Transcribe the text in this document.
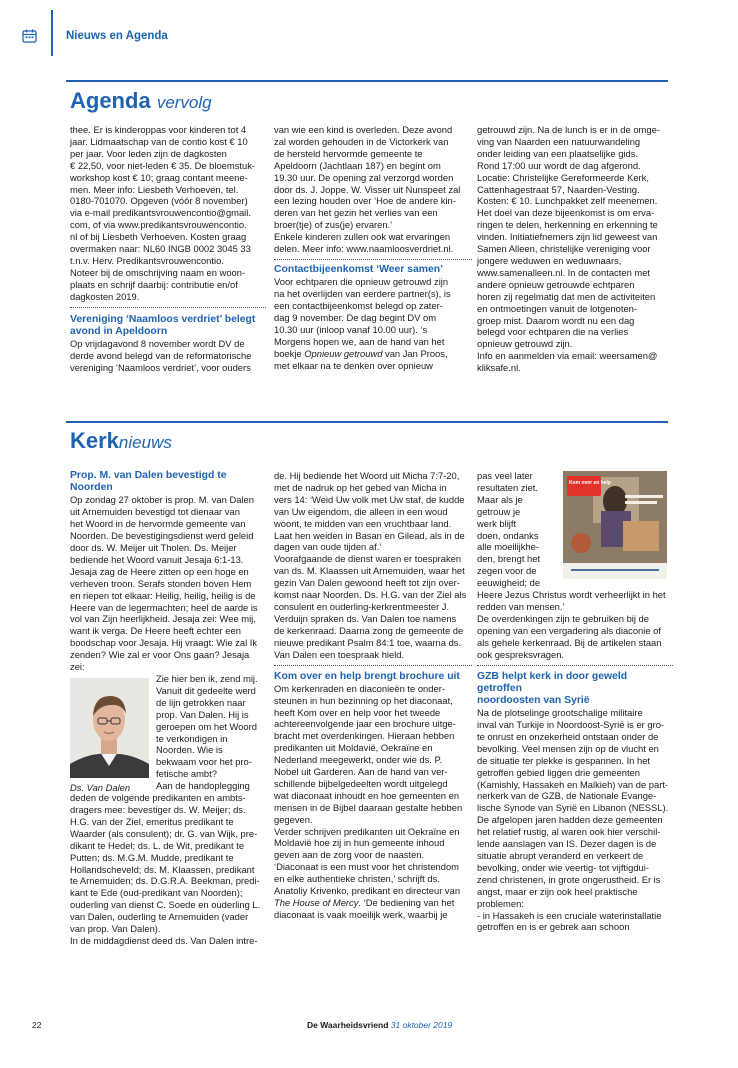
Nieuws en Agenda
Agenda vervolg
thee. Er is kinderoppas voor kinderen tot 4
jaar. Lidmaatschap van de contio kost € 10
per jaar. Voor leden zijn de dagkosten
€ 22,50, voor niet-leden € 35. De bloemstuk-
workshop kost € 10; graag contant meene-
men. Meer info: Liesbeth Verhoeven, tel.
0180-701070. Opgeven (vóór 8 november)
via e-mail predikantsvrouwencontio@gmail.
com, of via www.predikantsvrouwencontio.
nl of bij Liesbeth Verhoeven. Kosten graag
overmaken naar: NL60 INGB 0002 3045 33
t.n.v. Herv. Predikantsvrouwencontio.
Noteer bij de omschrijving naam en woon-
plaats en schrijf daarbij: contributie en/of
dagkosten 2019.
Vereniging ‘Naamloos verdriet’ belegt
avond in Apeldoorn
Op vrijdagavond 8 november wordt DV de
derde avond belegd van de reformatorische
vereniging ‘Naamloos verdriet’, voor ouders
van wie een kind is overleden. Deze avond
zal worden gehouden in de Victorkerk van
de hersteld hervormde gemeente te
Apeldoorn (Jachtlaan 187) en begint om
19.30 uur. De opening zal verzorgd worden
door ds. J. Joppe. W. Visser uit Nunspeet zal
een lezing houden over ‘Hoe de andere kin-
deren van het gezin het verlies van een
broer(tje) of zus(je) ervaren.’
Enkele kinderen zullen ook wat ervaringen
delen. Meer info: www.naamloosverdriet.nl.
Contactbijeenkomst ‘Weer samen’
Voor echtparen die opnieuw getrouwd zijn
na het overlijden van eerdere partner(s), is
een contactbijeenkomst belegd op zater-
dag 9 november. De dag begint DV om
10.30 uur (inloop vanaf 10.00 uur). ‘s
Morgens hopen we, aan de hand van het
boekje Opnieuw getrouwd van Jan Proos,
met elkaar na te denken over opnieuw
getrouwd zijn. Na de lunch is er in de omge-
ving van Naarden een natuurwandeling
onder leiding van een plaatselijke gids.
Rond 17:00 uur wordt de dag afgerond.
Locatie: Christelijke Gereformeerde Kerk,
Cattenhagestraat 57, Naarden-Vesting.
Kosten: € 10. Lunchpakket zelf meenemen.
Het doel van deze bijeenkomst is om erva-
ringen te delen, herkenning en erkenning te
vinden. Initiatiefnemers zijn lid geweest van
Samen Alleen, christelijke vereniging voor
jongere weduwen en weduwnaars,
www.samenalleen.nl. In de contacten met
andere opnieuw getrouwde echtparen
horen zij regelmatig dat men de activiteiten
en ontmoetingen vanuit de lotgenoten-
groep mist. Daarom wordt nu een dag
belegd voor echtparen die na verlies
opnieuw getrouwd zijn.
Info en aanmelden via email: weersamen@
kliksafe.nl.
Kerknieuws
Prop. M. van Dalen bevestigd te Noorden
Op zondag 27 oktober is prop. M. van Dalen
uit Arnemuiden bevestigd tot dienaar van
het Woord in de hervormde gemeente van
Noorden. De bevestigingsdienst werd geleid
door ds. W. Meijer uit Tholen. Ds. Meijer
bediende het Woord vanuit Jesaja 6:1-13.
Jesaja zag de Heere zitten op een hoge en
verheven troon. Serafs stonden boven Hem
en riepen tot elkaar: Heilig, heilig, heilig is de
Heere van de legermachten; heel de aarde is
vol van Zijn heerlijkheid. Jesaja zei: Wee mij,
want ik verga. De Heere heeft echter een
boodschap voor Jesaja. Hij vraagt: Wie zal Ik
zenden? Wie zal er voor Ons gaan? Jesaja zei:
Zie hier ben ik, zend mij.
Vanuit dit gedeelte werd
de lijn getrokken naar
prop. Van Dalen. Hij is
geroepen om het Woord
te verkondigen in
Noorden. Wie is
bekwaam voor het pro-
fetische ambt?
Aan de handoplegging
deden de volgende predikanten en ambts-
dragers mee: bevestiger ds. W. Meijer; ds.
H.G. van der Ziel, emeritus predikant te
Waarder (als consulent); dr. G. van Wijk, pre-
dikant te Hedel; ds. L. de Wit, predikant te
Putten; ds. M.G.M. Mudde, predikant te
Hollandscheveld; ds. M. Klaassen, predikant
te Arnemuiden; ds. D.G.R.A. Beekman, predi-
kant te Ede (oud-predikant van Noorden);
ouderling van dienst C. Soede en ouderling L.
van Dalen, ouderling te Arnemuiden (vader
van prop. Van Dalen).
In de middagdienst deed ds. Van Dalen intre-
Ds. Van Dalen
de. Hij bediende het Woord uit Micha 7:7-20,
met de nadruk op het gebed van Micha in
vers 14: ‘Weid Uw volk met Uw staf, de kudde
van Uw eigendom, die alleen in een woud
woont, te midden van een vruchtbaar land.
Laat hen weiden in Basan en Gilead, als in de
dagen van oude tijden af.’
Voorafgaande de dienst waren er toespraken
van ds. M. Klaassen uit Arnemuiden, waar het
gezin Van Dalen gewoond heeft tot zijn over-
komst naar Noorden. Ds. H.G. van der Ziel als
consulent en ouderling-kerkrentmeester J.
Verduijn spraken ds. Van Dalen toe namens
de kerkenraad. Daarna zong de gemeente de
nieuwe predikant Psalm 84:1 toe, waarna ds.
Van Dalen een toespraak hield.
Kom over en help brengt brochure uit
Om kerkenraden en diaconieën te onder-
steunen in hun bezinning op het diaconaat,
heeft Kom over en help voor het tweede
achtereenvolgende jaar een brochure uitge-
bracht met overdenkingen. Hieraan hebben
predikanten uit Moldavië, Oekraïne en
Nederland meegewerkt, onder wie ds. P.
Nobel uit Garderen. Aan de hand van ver-
schillende bijbelgedeelten wordt uitgelegd
wat diaconaat inhoudt en hoe gemeenten en
mensen in de Bijbel daaraan gestalte hebben
gegeven.
Verder schrijven predikanten uit Oekraïne en
Moldavië hoe zij in hun gemeente inhoud
geven aan de zorg voor de naasten.
‘Diaconaat is een must voor het christendom
en elke authentieke christen,’ schrijft ds.
Anatoliy Krivenko, predikant en directeur van
The House of Mercy. ‘De bediening van het
diaconaat is vaak moeilijk werk, waarbij je
Kom over en help
pas veel later
resultaten ziet.
Maar als je
getrouw je
werk blijft
doen, ondanks
alle moeilijkhe-
den, brengt het
zegen voor de
eeuwigheid; de
Heere Jezus Christus wordt verheerlijkt in het
redden van mensen.’
De overdenkingen zijn te gebruiken bij de
opening van een vergadering als diaconie of
als gehele kerkenraad. Bij de artikelen staan
ook gespreksvragen.
GZB helpt kerk in door geweld getroffen
noordoosten van Syrië
Na de plotselinge grootschalige militaire
inval van Turkije in Noordoost-Syrië is er gro-
te onrust en onzekerheid ontstaan onder de
bevolking. Veel mensen zijn op de vlucht en
de situatie ter plekke is gespannen. In het
getroffen gebied liggen drie gemeenten
(Kamishly, Hassakeh en Malkieh) van de part-
nerkerk van de GZB, de Nationale Evange-
lische Synode van Syrië en Libanon (NESSL).
De afgelopen jaren hadden deze gemeenten
het relatief rustig, al waren ook hier verschil-
lende aanslagen van IS. Dezer dagen is de
situatie abrupt veranderd en verkeert de
bevolking, onder wie veertig- tot vijftigdui-
zend christenen, in grote ongerustheid. Er is
angst, maar er zijn ook heel praktische
problemen:
- in Hassakeh is een cruciale waterinstallatie
getroffen en is er gebrek aan schoon
22	De Waarheidsvriend 31 oktober 2019
